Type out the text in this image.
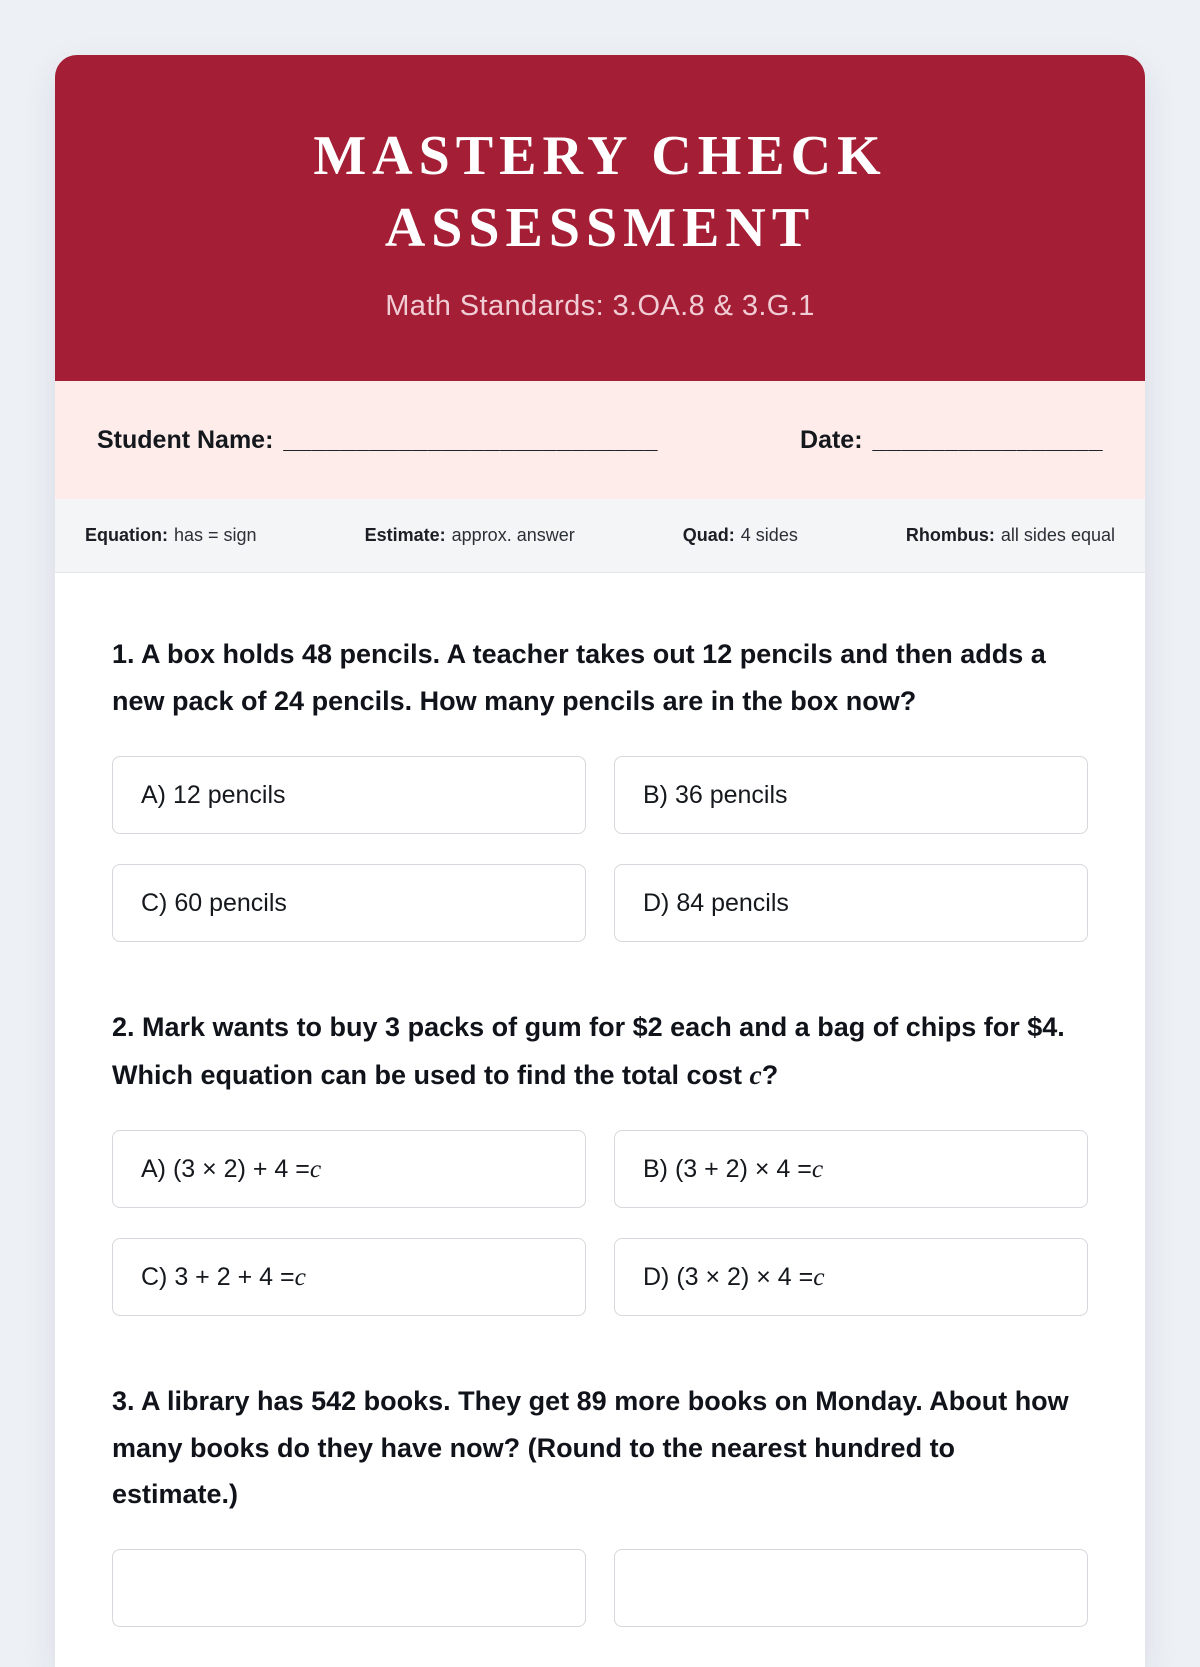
MASTERY CHECK
ASSESSMENT

Math Standards: 3.OA.8 & 3.G.1

Student Name: __________________________	Date: ________________
Equation: has = sign	Estimate: approx. answer	Quad: 4 sides	Rhombus: all sides equal

1. A box holds 48 pencils. A teacher takes out 12 pencils and then adds a new pack of 24 pencils. How many pencils are in the box now?

A) 12 pencils	B) 36 pencils
C) 60 pencils	D) 84 pencils

2. Mark wants to buy 3 packs of gum for $2 each and a bag of chips for $4. Which equation can be used to find the total cost c?

A) (3 × 2) + 4 = c	B) (3 + 2) × 4 = c
C) 3 + 2 + 4 = c	D) (3 × 2) × 4 = c

3. A library has 542 books. They get 89 more books on Monday. About how many books do they have now? (Round to the nearest hundred to estimate.)
